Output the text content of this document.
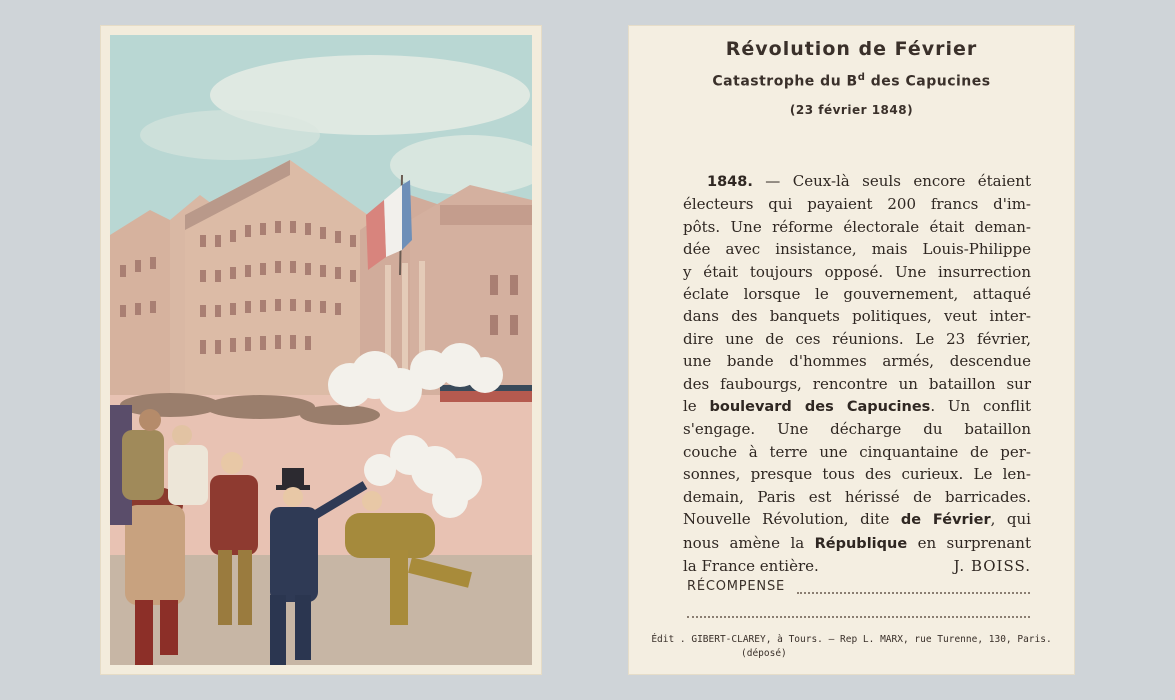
Révolution de Février
Catastrophe du $B^d$ des Capucines
(23 février 1848)
1848. — Ceux-là seuls encore étaient
électeurs qui payaient 200 francs d'im-
pôts. Une réforme électorale était deman-
dée avec insistance, mais Louis-Philippe
y était toujours opposé. Une insurrection
éclate lorsque le gouvernement, attaqué
dans des banquets politiques, veut inter-
dire une de ces réunions. Le 23 février,
une bande d'hommes armés, descendue
des faubourgs, rencontre un bataillon sur
le boulevard des Capucines. Un conflit
s'engage. Une décharge du bataillon
couche à terre une cinquantaine de per-
sonnes, presque tous des curieux. Le len-
demain, Paris est hérissé de barricades.
Nouvelle Révolution, dite de Février, qui
nous amène la République en surprenant
la France entière.	J. BOISS.
RÉCOMPENSE
Édit . GIBERT-CLAREY, à Tours. — Rep L. MARX, rue Turenne, 130, Paris.
(déposé)
